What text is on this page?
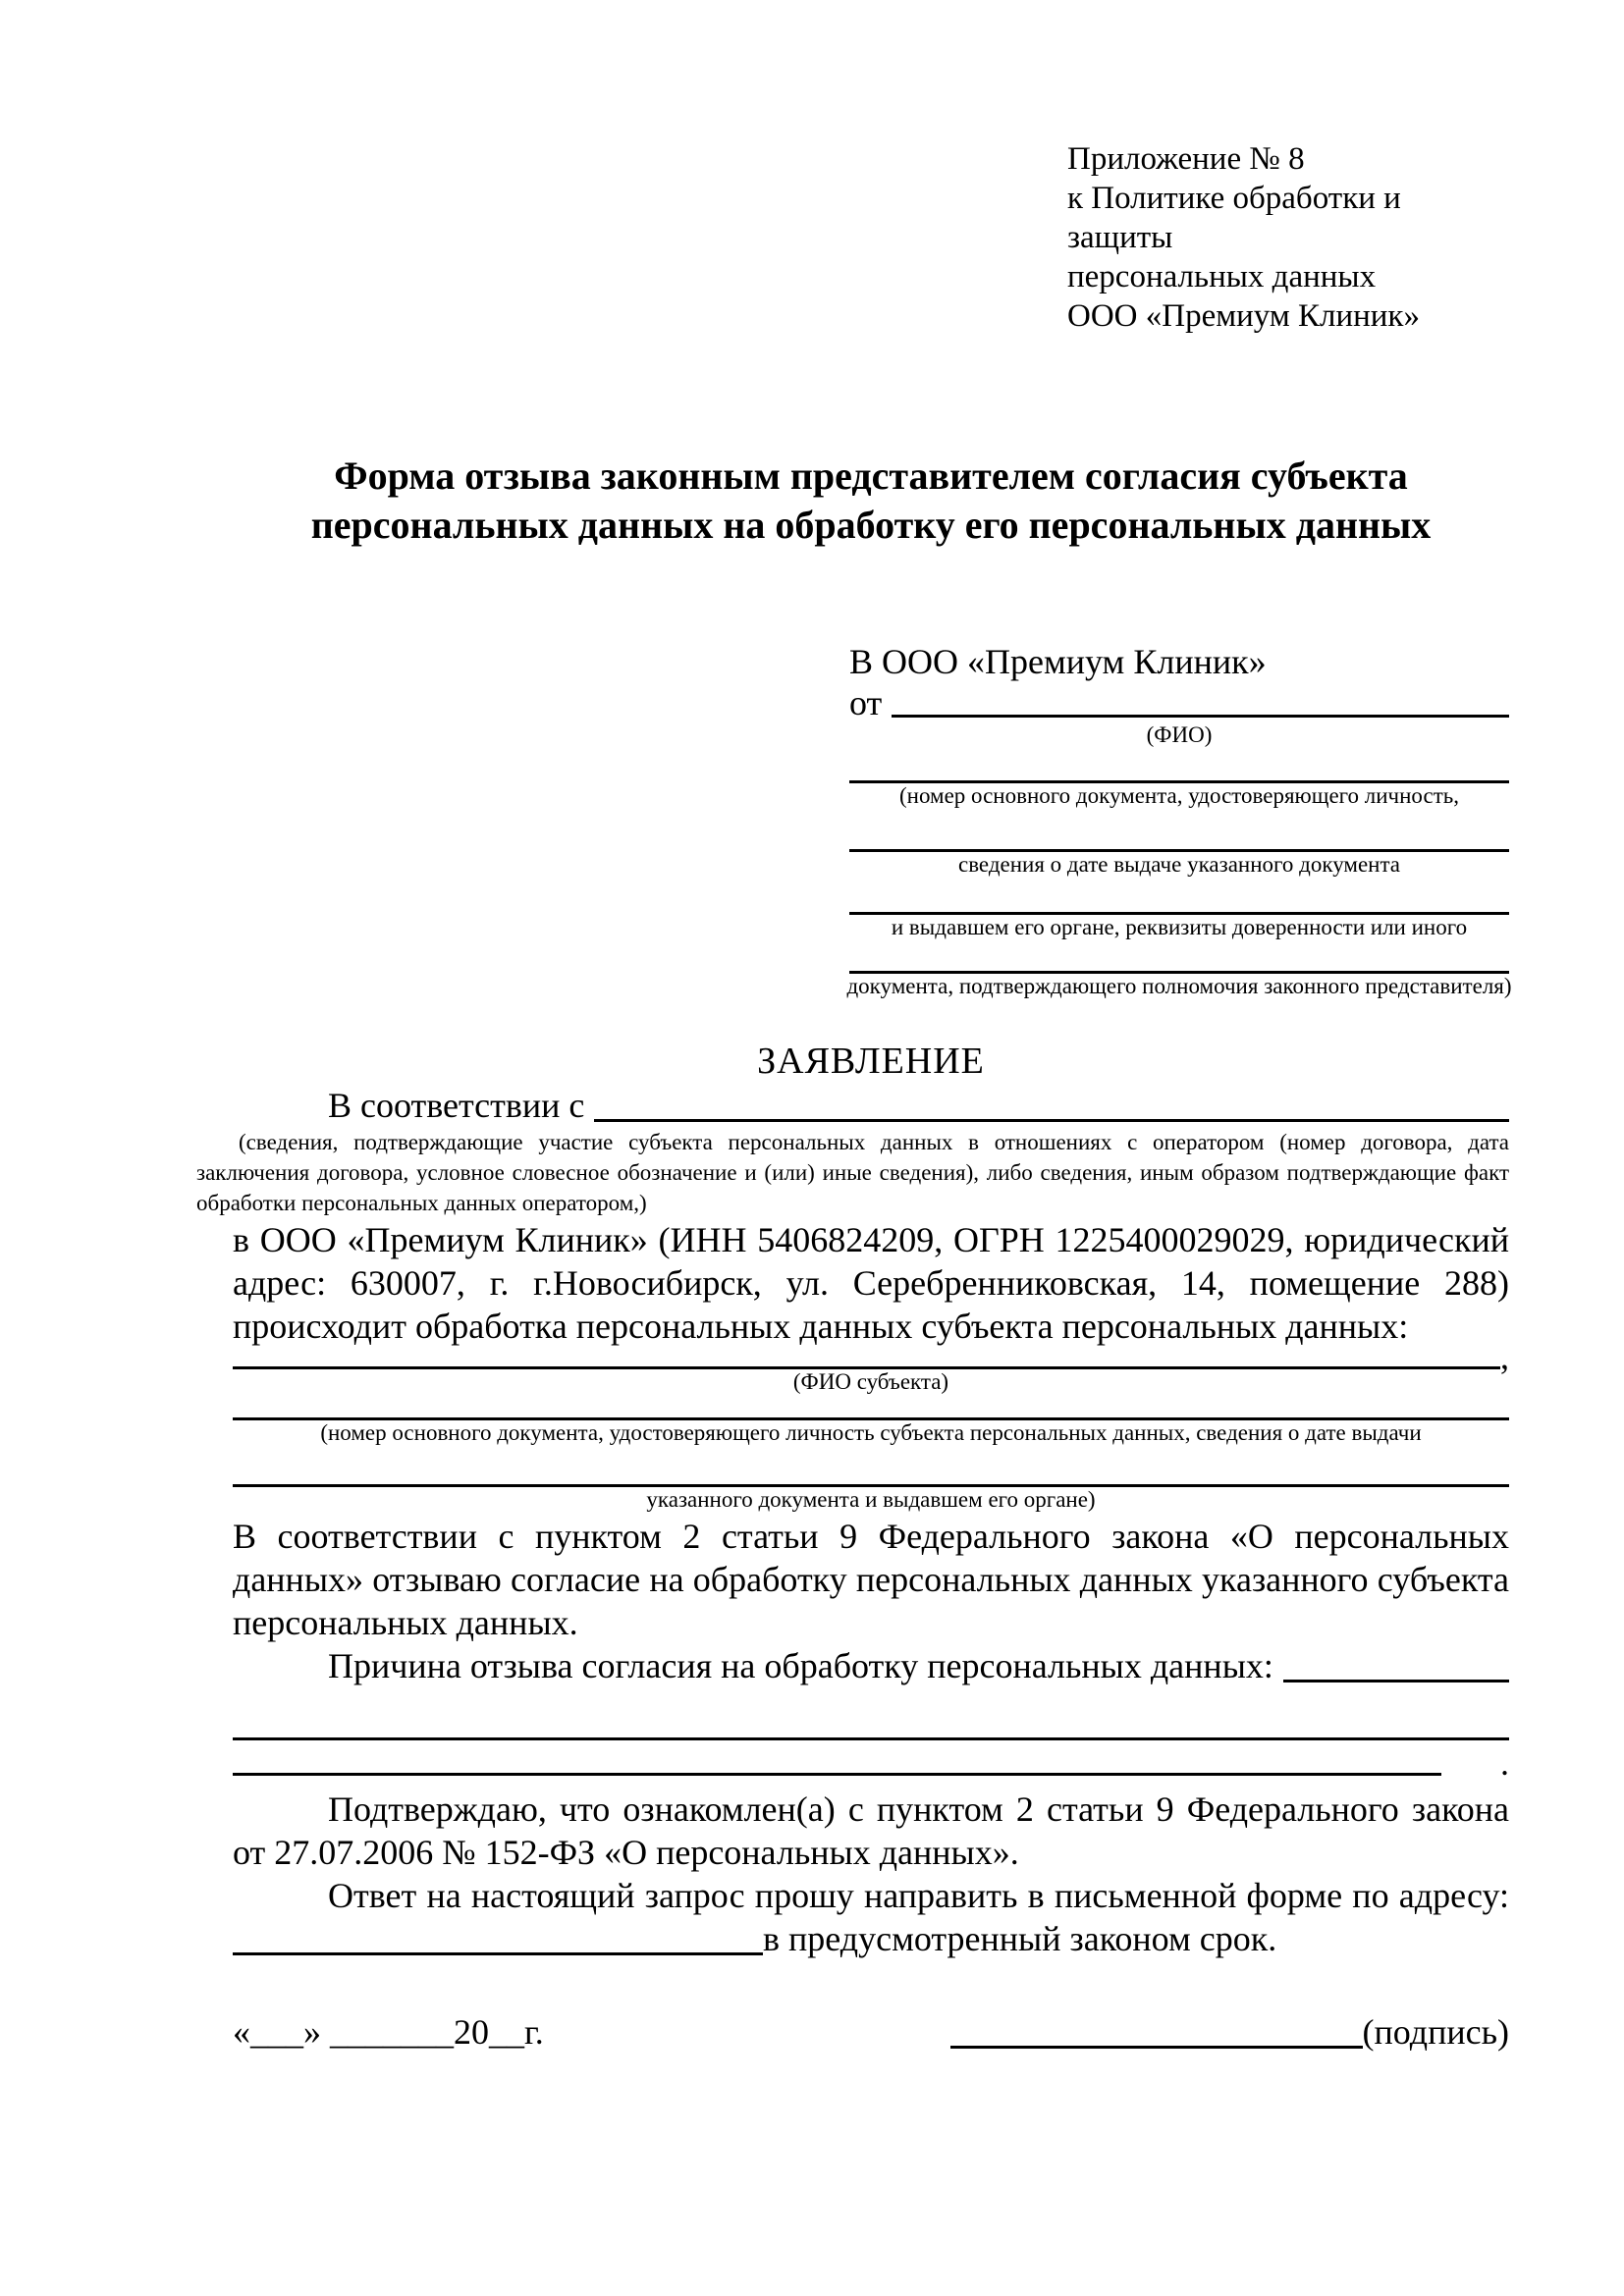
Приложение № 8
к Политике обработки и защиты
персональных данных
ООО «Премиум Клиник»
Форма отзыва законным представителем согласия субъекта
персональных данных на обработку его персональных данных
В ООО «Премиум Клиник»
от
(ФИО)
(номер основного документа, удостоверяющего личность,
сведения о дате выдаче указанного документа
и выдавшем его органе, реквизиты доверенности или иного
документа, подтверждающего полномочия законного представителя)
ЗАЯВЛЕНИЕ
В соответствии с
(сведения, подтверждающие участие субъекта персональных данных в отношениях с оператором (номер договора, дата заключения договора, условное словесное обозначение и (или) иные сведения), либо сведения, иным образом подтверждающие факт обработки персональных данных оператором,)

в ООО «Премиум Клиник» (ИНН 5406824209, ОГРН 1225400029029, юридический адрес: 630007, г. г.Новосибирск, ул. Серебренниковская, 14, помещение 288) происходит обработка персональных данных субъекта персональных данных:

,
(ФИО субъекта)
(номер основного документа, удостоверяющего личность субъекта персональных данных, сведения о дате выдачи
указанного документа и выдавшем его органе)

В соответствии с пунктом 2 статьи 9 Федерального закона «О персональных данных» отзываю согласие на обработку персональных данных указанного субъекта персональных данных.

Причина отзыва согласия на обработку персональных данных:
.

Подтверждаю, что ознакомлен(а) с пунктом 2 статьи 9 Федерального закона от 27.07.2006 № 152-ФЗ «О персональных данных».

Ответ на настоящий запрос прошу направить в письменной форме по адресу:

в предусмотренный законом срок.
«___» _______20__г.	(подпись)
